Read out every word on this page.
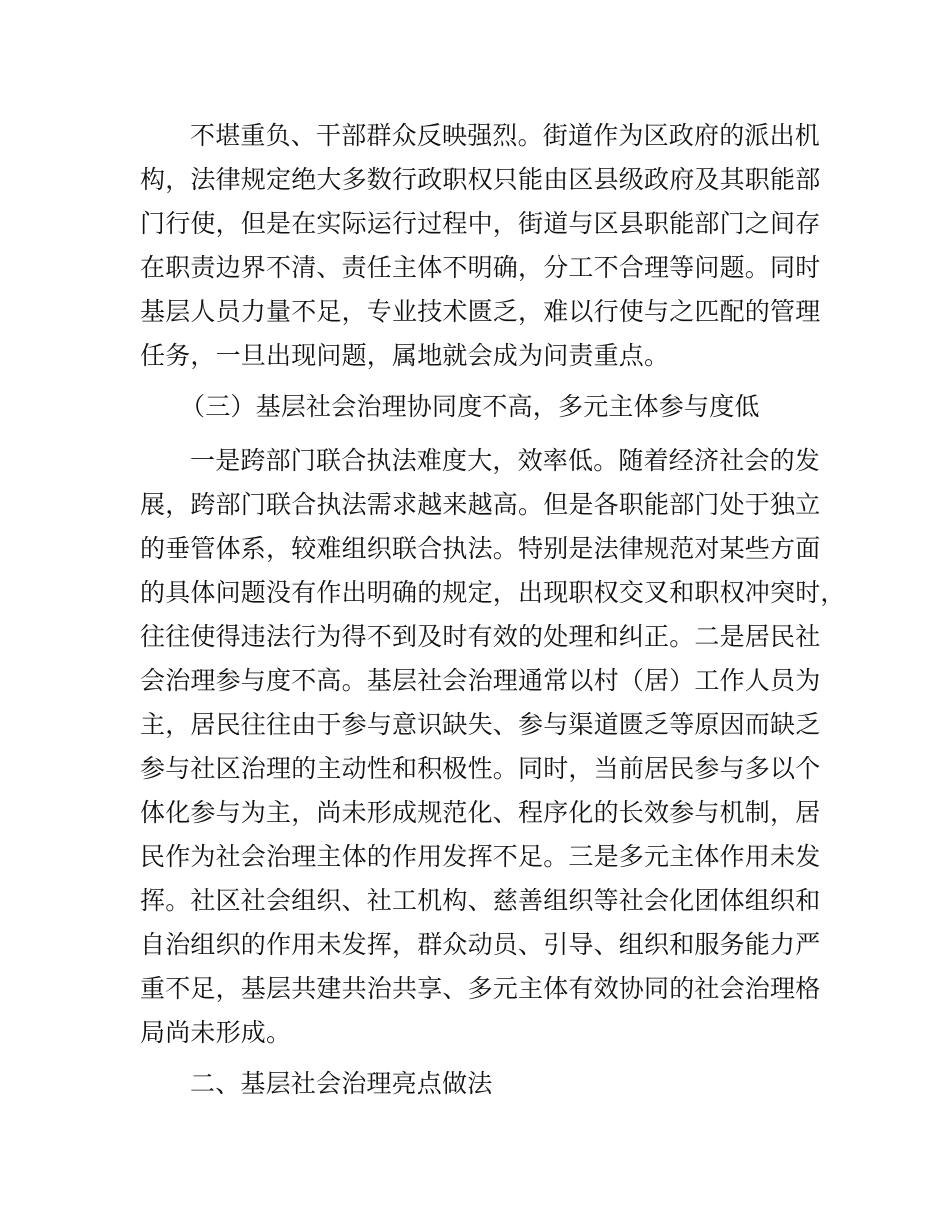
不堪重负、干部群众反映强烈。街道作为区政府的派出机
构，法律规定绝大多数行政职权只能由区县级政府及其职能部
门行使，但是在实际运行过程中，街道与区县职能部门之间存
在职责边界不清、责任主体不明确，分工不合理等问题。同时
基层人员力量不足，专业技术匮乏，难以行使与之匹配的管理
任务，一旦出现问题，属地就会成为问责重点。
（三）基层社会治理协同度不高，多元主体参与度低
一是跨部门联合执法难度大，效率低。随着经济社会的发
展，跨部门联合执法需求越来越高。但是各职能部门处于独立
的垂管体系，较难组织联合执法。特别是法律规范对某些方面
的具体问题没有作出明确的规定，出现职权交叉和职权冲突时，
往往使得违法行为得不到及时有效的处理和纠正。二是居民社
会治理参与度不高。基层社会治理通常以村（居）工作人员为
主，居民往往由于参与意识缺失、参与渠道匮乏等原因而缺乏
参与社区治理的主动性和积极性。同时，当前居民参与多以个
体化参与为主，尚未形成规范化、程序化的长效参与机制，居
民作为社会治理主体的作用发挥不足。三是多元主体作用未发
挥。社区社会组织、社工机构、慈善组织等社会化团体组织和
自治组织的作用未发挥，群众动员、引导、组织和服务能力严
重不足，基层共建共治共享、多元主体有效协同的社会治理格
局尚未形成。
二、基层社会治理亮点做法
